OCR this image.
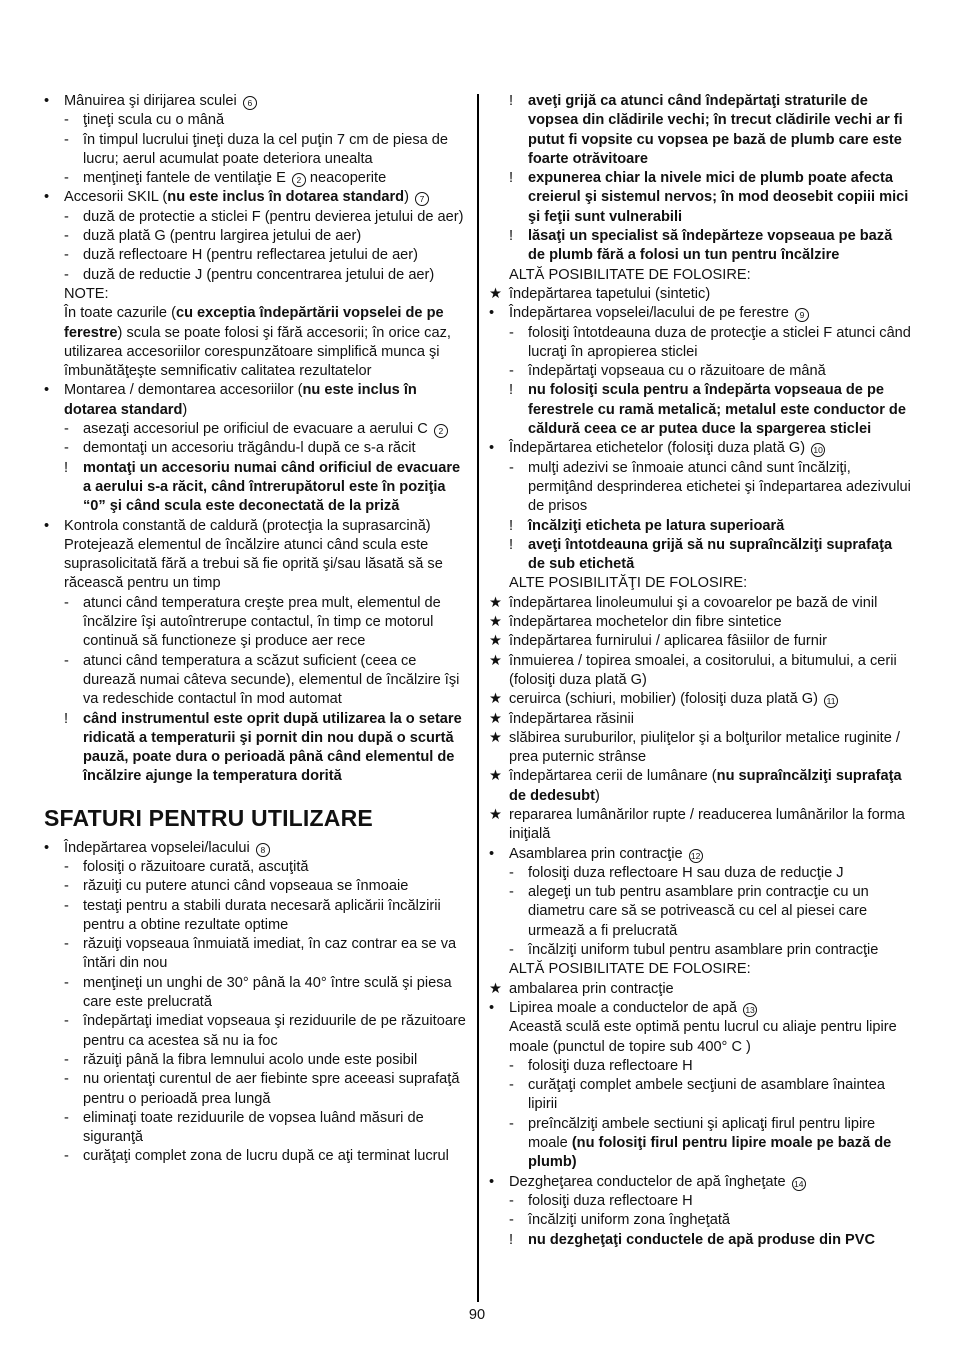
•	Mânuirea şi dirijarea sculei 6
- ţineţi scula cu o mână
- în timpul lucrului ţineţi duza la cel puţin 7 cm de piesa de lucru; aerul acumulat poate deteriora unealta
- menţineţi fantele de ventilaţie E 2 neacoperite
•	Accesorii SKIL (nu este inclus în dotarea standard) 7
- duză de protectie a sticlei F (pentru devierea jetului de aer)
- duză plată G (pentru largirea jetului de aer)
- duză reflectoare H (pentru reflectarea jetului de aer)
- duză de reductie J (pentru concentrarea jetului de aer)
NOTE:
În toate cazurile (cu exceptia îndepărtării vopselei de pe ferestre) scula se poate folosi şi fără accesorii; în orice caz, utilizarea accesoriilor corespunzătoare simplifică munca şi îmbunătăţeşte semnificativ calitatea rezultatelor
•	Montarea / demontarea accesoriilor (nu este inclus în dotarea standard)
- asezaţi accesoriul pe orificiul de evacuare a aerului C 2
- demontaţi un accesoriu trăgându-l după ce s-a răcit
!	montaţi un accesoriu numai când orificiul de evacuare a aerului s-a răcit, când întrerupătorul este în poziţia “0” şi când scula este deconectată de la priză
•	Kontrola constantă de caldură (protecţia la suprasarcină) Protejează elementul de încălzire atunci când scula este suprasolicitată fără a trebui să fie oprită şi/sau lăsată să se răcească pentru un timp
- atunci când temperatura creşte prea mult, elementul de încălzire îşi autoîntrerupe contactul, în timp ce motorul continuă să functioneze şi produce aer rece
- atunci când temperatura a scăzut suficient (ceea ce durează numai câteva secunde), elementul de încălzire îşi va redeschide contactul în mod automat
!	când instrumentul este oprit după utilizarea la o setare ridicată a temperaturii şi pornit din nou după o scurtă pauză, poate dura o perioadă până când elementul de încălzire ajunge la temperatura dorită
SFATURI PENTRU UTILIZARE
•	Îndepărtarea vopselei/lacului 8
- folosiţi o răzuitoare curată, ascuţită
- răzuiţi cu putere atunci când vopseaua se înmoaie
- testaţi pentru a stabili durata necesară aplicării încălzirii pentru a obtine rezultate optime
- răzuiţi vopseaua înmuiată imediat, în caz contrar ea se va întări din nou
- menţineţi un unghi de 30° până la 40° între sculă şi piesa care este prelucrată
- îndepărtaţi imediat vopseaua şi reziduurile de pe răzuitoare pentru ca acestea să nu ia foc
- răzuiţi până la fibra lemnului acolo unde este posibil
- nu orientaţi curentul de aer fiebinte spre aceeasi suprafaţă pentru o perioadă prea lungă
- eliminaţi toate reziduurile de vopsea luând măsuri de siguranţă
- curăţaţi complet zona de lucru după ce aţi terminat lucrul
!	aveţi grijă ca atunci când îndepărtaţi straturile de vopsea din clădirile vechi; în trecut clădirile vechi ar fi putut fi vopsite cu vopsea pe bază de plumb care este foarte otrăvitoare
!	expunerea chiar la nivele mici de plumb poate afecta creierul şi sistemul nervos; în mod deosebit copiii mici şi feţii sunt vulnerabili
!	lăsaţi un specialist să îndepărteze vopseaua pe bază de plumb fără a folosi un tun pentru încălzire
ALTĂ POSIBILITATE DE FOLOSIRE:
★ îndepărtarea tapetului (sintetic)
•	Îndepărtarea vopselei/lacului de pe ferestre 9
- folosiţi întotdeauna duza de protecţie a sticlei F atunci când lucraţi în apropierea sticlei
- îndepărtaţi vopseaua cu o răzuitoare de mână
!	nu folosiţi scula pentru a îndepărta vopseaua de pe ferestrele cu ramă metalică; metalul este conductor de căldură ceea ce ar putea duce la spargerea sticlei
•	Îndepărtarea etichetelor (folosiţi duza plată G) 10
- mulţi adezivi se înmoaie atunci când sunt încălziţi, permiţând desprinderea etichetei şi îndepartarea adezivului de prisos
!	încălziţi eticheta pe latura superioară
!	aveţi întotdeauna grijă să nu supraîncălziţi suprafaţa de sub etichetă
ALTE POSIBILITĂŢI DE FOLOSIRE:
★ îndepărtarea linoleumului şi a covoarelor pe bază de vinil
★ îndepărtarea mochetelor din fibre sintetice
★ îndepărtarea furnirului / aplicarea fâsiilor de furnir
★ înmuierea / topirea smoalei, a cositorului, a bitumului, a cerii (folosiţi duza plată G)
★ ceruirca (schiuri, mobilier) (folosiţi duza plată G) 11
★ îndepărtarea răsinii
★ slăbirea suruburilor, piuliţelor şi a bolţurilor metalice ruginite / prea puternic strânse
★ îndepărtarea cerii de lumânare (nu supraîncălziţi suprafaţa de dedesubt)
★ repararea lumânărilor rupte / readucerea lumânărilor la forma iniţială
•	Asamblarea prin contracţie 12
- folosiţi duza reflectoare H sau duza de reducţie J
- alegeţi un tub pentru asamblare prin contracţie cu un diametru care să se potrivească cu cel al piesei care urmează a fi prelucrată
- încălziţi uniform tubul pentru asamblare prin contracţie
ALTĂ POSIBILITATE DE FOLOSIRE:
★ ambalarea prin contracţie
•	Lipirea moale a conductelor de apă 13
Această sculă este optimă pentu lucrul cu aliaje pentru lipire moale (punctul de topire sub 400° C )
- folosiţi duza reflectoare H
- curăţaţi complet ambele secţiuni de asamblare înaintea lipirii
- preîncălziţi ambele sectiuni şi aplicaţi firul pentru lipire moale (nu folosiţi firul pentru lipire moale pe bază de plumb)
•	Dezgheţarea conductelor de apă îngheţate 14
- folosiţi duza reflectoare H
- încălziţi uniform zona îngheţată
!	nu dezgheţaţi conductele de apă produse din PVC
90
